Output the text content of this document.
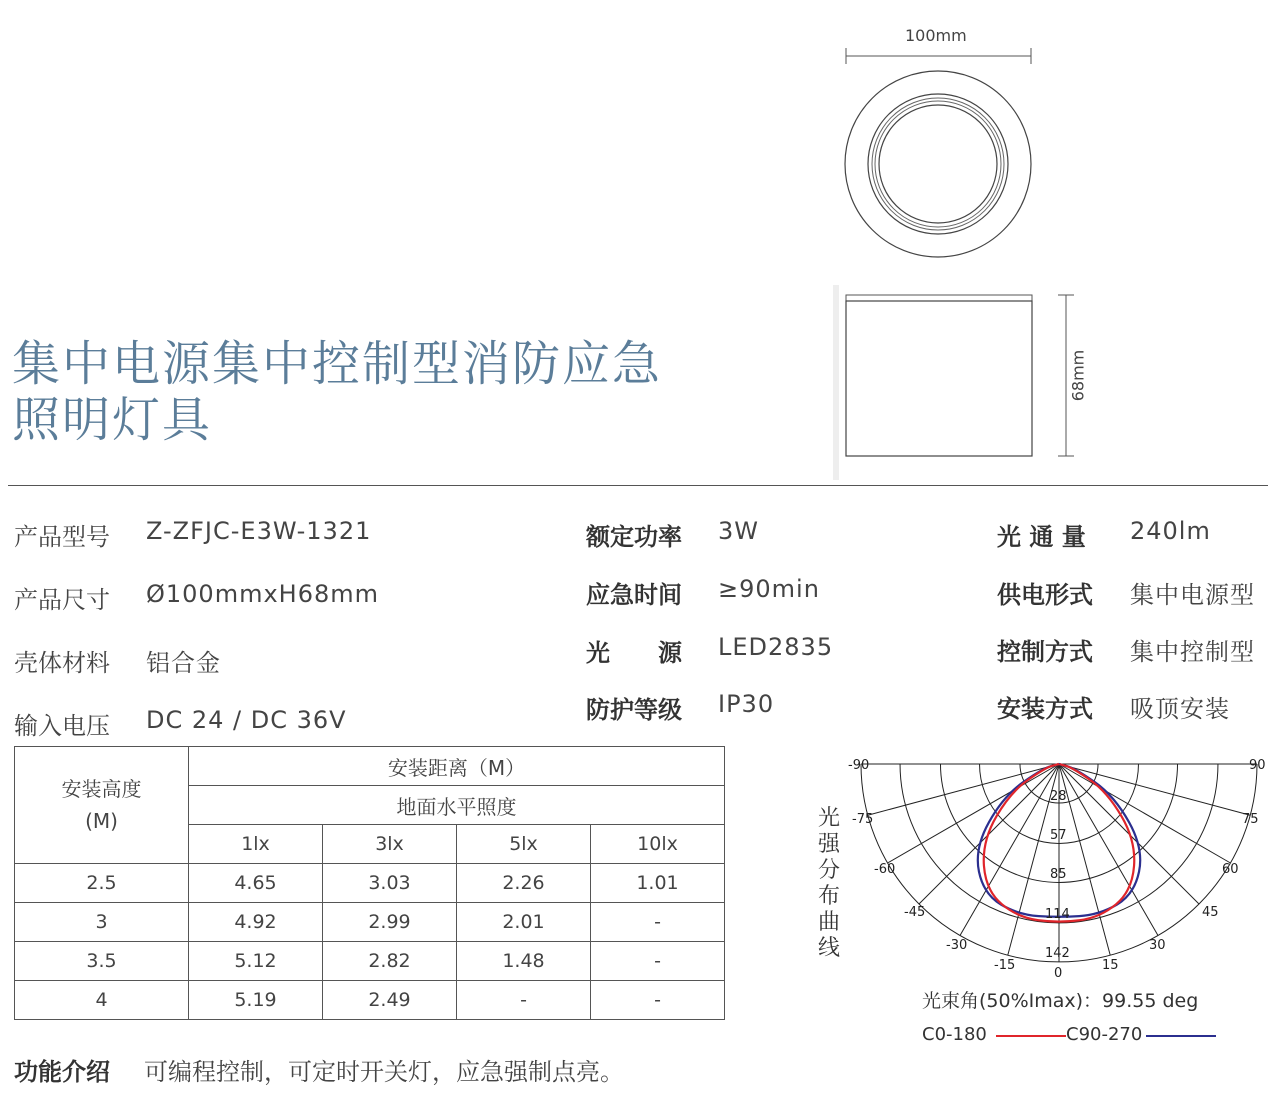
100mm
68mm
集中电源集中控制型消防应急
照明灯具
产品型号 Z-ZFJC-E3W-1321
产品尺寸 Ø100mmxH68mm
壳体材料 铝合金
输入电压 DC 24 / DC 36V
额定功率 3W
应急时间 ≥90min
光　　源 LED2835
防护等级 IP30
光 通 量 240lm
供电形式 集中电源型
控制方式 集中控制型
安装方式 吸顶安装
安装高度(M)	安装距离（M）			
	地面水平照度			
	1lx	3lx	5lx	10lx
2.5	4.65	3.03	2.26	1.01
3	4.92	2.99	2.01	-
3.5	5.12	2.82	1.48	-
4	5.19	2.49	-	-
功能介绍 可编程控制，可定时开关灯，应急强制点亮。
光
强
分
布
曲
线
-90
-75
-60
-45
-30
-15
0
15
30
45
60
75
90
28
57
85
114
142
光束角(50%Imax)：99.55 deg
C0-180	C90-270
